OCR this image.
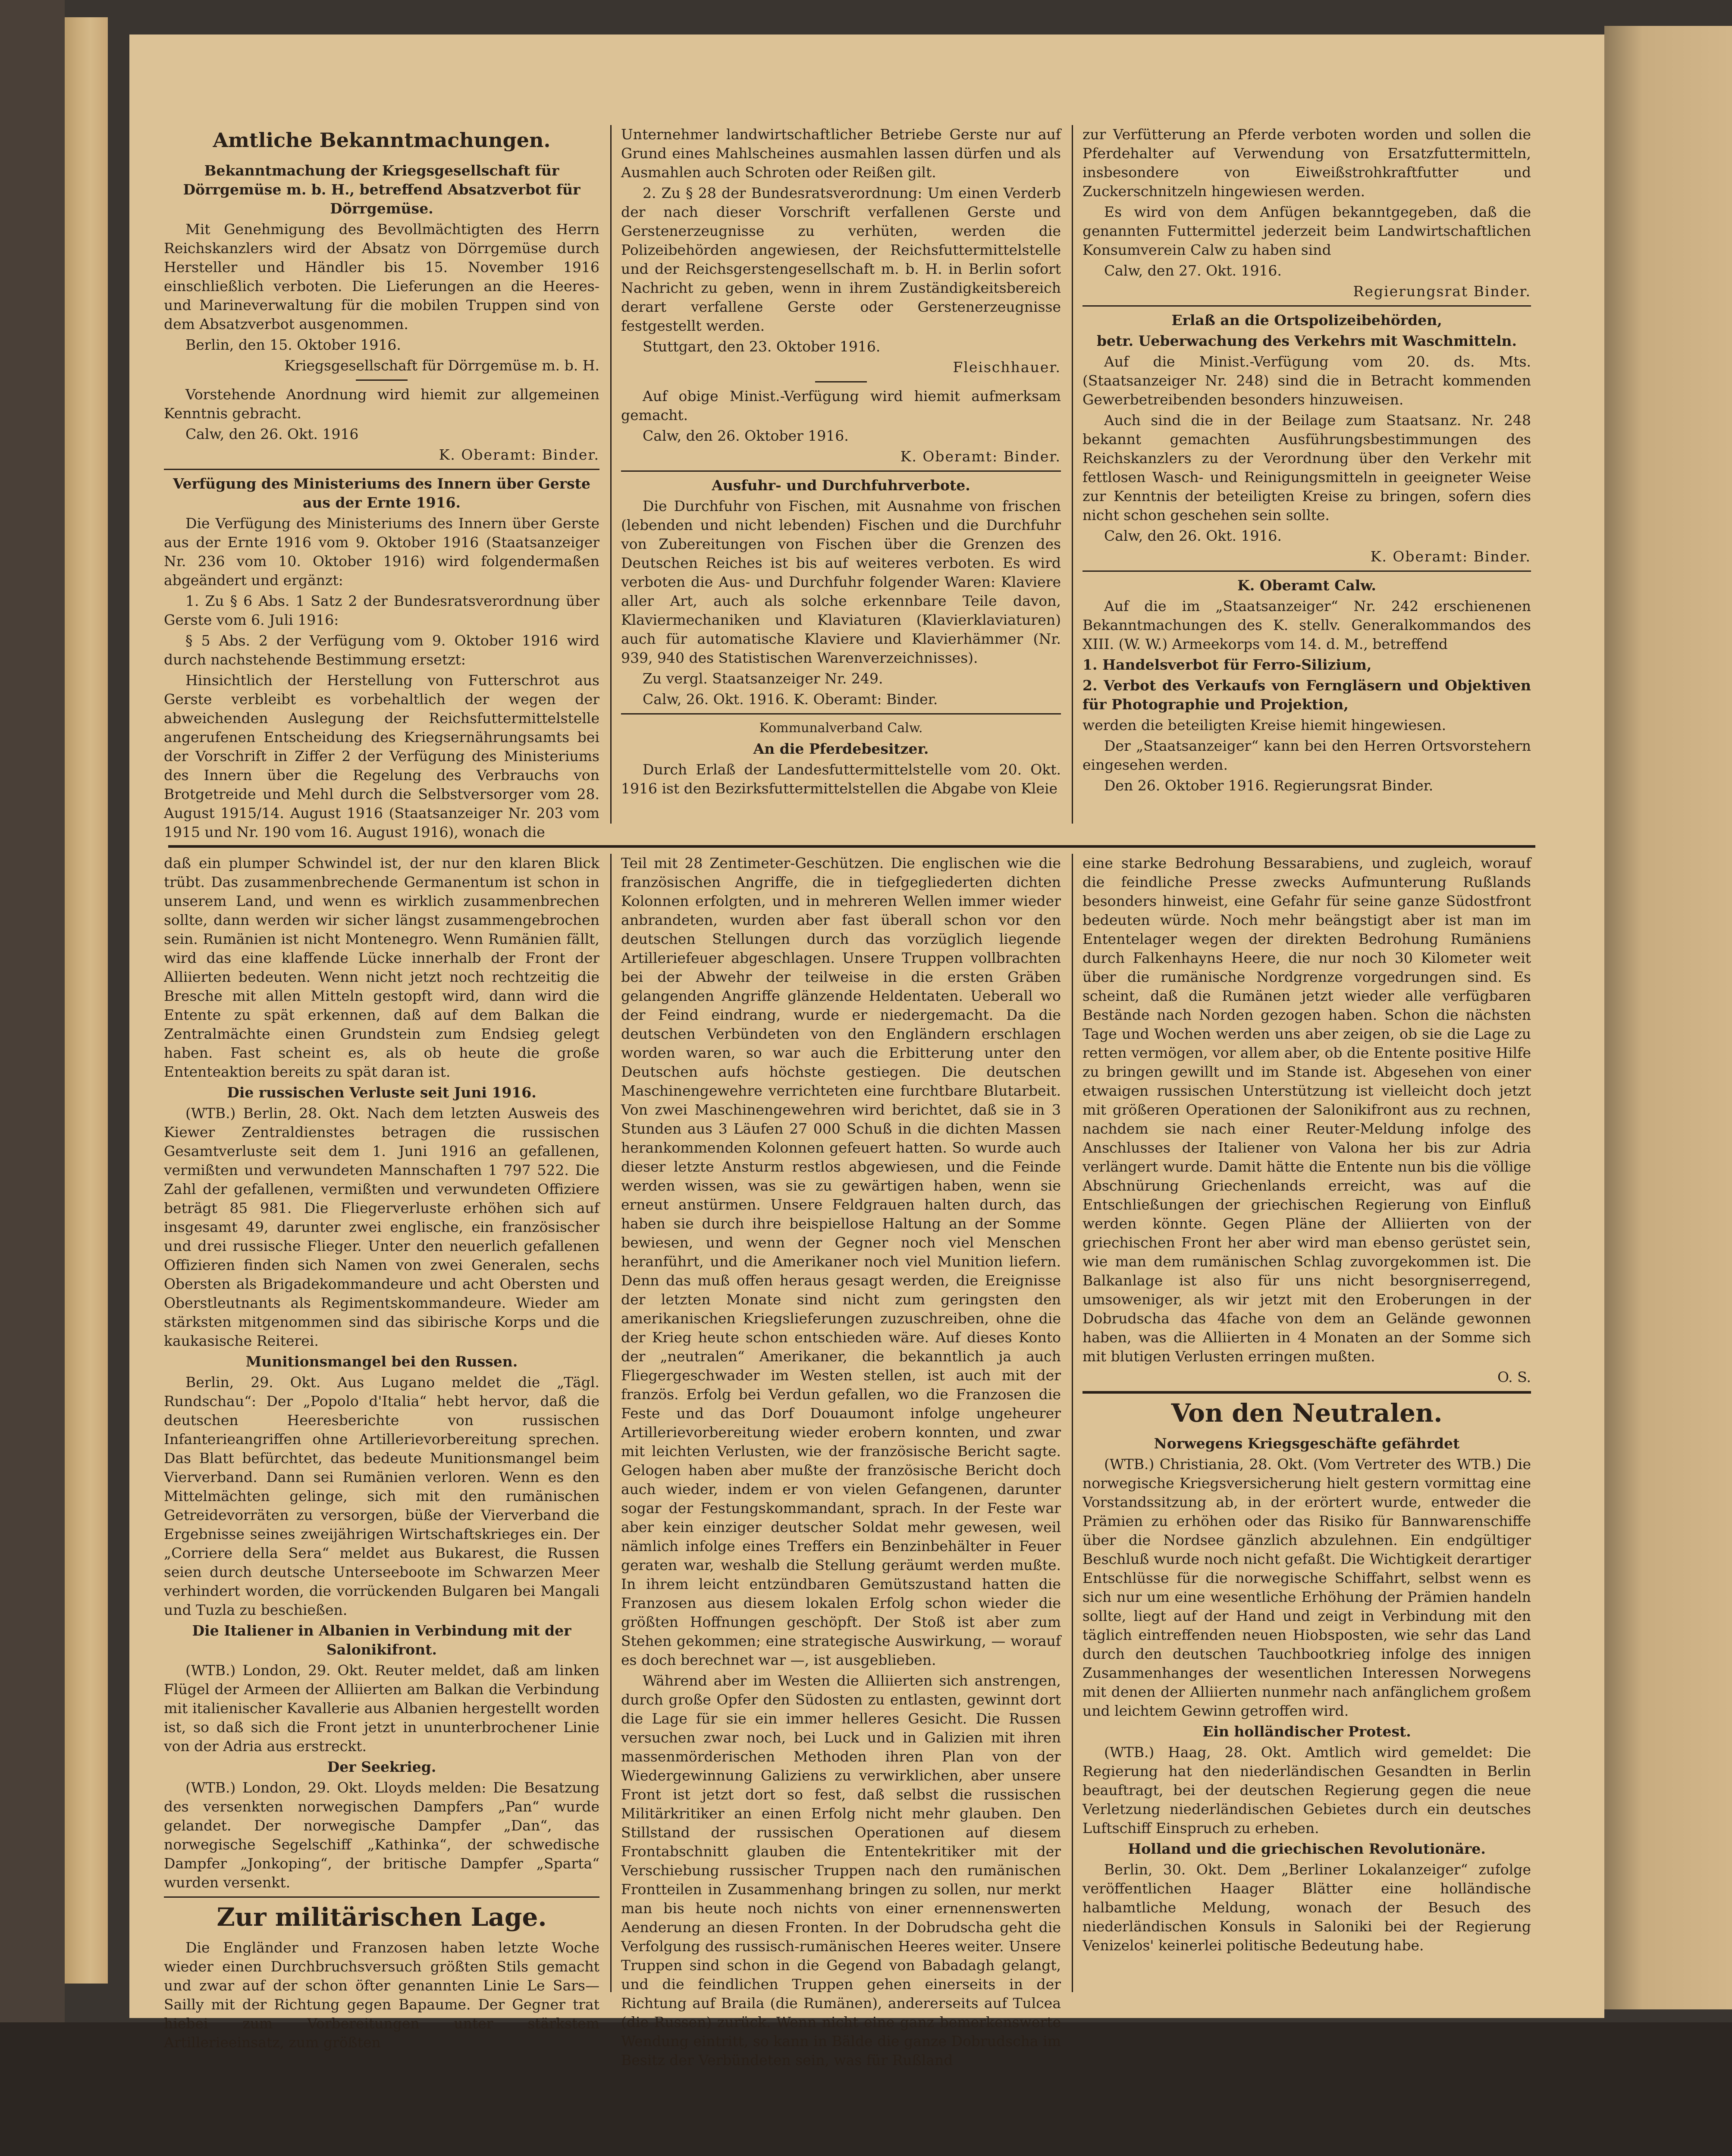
Amtliche Bekanntmachungen.

Bekanntmachung der Kriegsgesellschaft für Dörrgemüse m. b. H., betreffend Absatzverbot für Dörrgemüse.

Mit Genehmigung des Bevollmächtigten des Herrn Reichskanzlers wird der Absatz von Dörrgemüse durch Hersteller und Händler bis 15. November 1916 einschließlich verboten. Die Lieferungen an die Heeres- und Marineverwaltung für die mobilen Truppen sind von dem Absatzverbot ausgenommen.

Berlin, den 15. Oktober 1916.

Kriegsgesellschaft für Dörrgemüse m. b. H.

Vorstehende Anordnung wird hiemit zur allgemeinen Kenntnis gebracht.

Calw, den 26. Okt. 1916

K. Oberamt: Binder.

Verfügung des Ministeriums des Innern über Gerste aus der Ernte 1916.

Die Verfügung des Ministeriums des Innern über Gerste aus der Ernte 1916 vom 9. Oktober 1916 (Staatsanzeiger Nr. 236 vom 10. Oktober 1916) wird folgendermaßen abgeändert und ergänzt:

1. Zu § 6 Abs. 1 Satz 2 der Bundesratsverordnung über Gerste vom 6. Juli 1916:

§ 5 Abs. 2 der Verfügung vom 9. Oktober 1916 wird durch nachstehende Bestimmung ersetzt:

Hinsichtlich der Herstellung von Futterschrot aus Gerste verbleibt es vorbehaltlich der wegen der abweichenden Auslegung der Reichsfuttermittelstelle angerufenen Entscheidung des Kriegsernährungsamts bei der Vorschrift in Ziffer 2 der Verfügung des Ministeriums des Innern über die Regelung des Verbrauchs von Brotgetreide und Mehl durch die Selbstversorger vom 28. August 1915/14. August 1916 (Staatsanzeiger Nr. 203 vom 1915 und Nr. 190 vom 16. August 1916), wonach die

Unternehmer landwirtschaftlicher Betriebe Gerste nur auf Grund eines Mahlscheines ausmahlen lassen dürfen und als Ausmahlen auch Schroten oder Reißen gilt.

2. Zu § 28 der Bundesratsverordnung: Um einen Verderb der nach dieser Vorschrift verfallenen Gerste und Gerstenerzeugnisse zu verhüten, werden die Polizeibehörden angewiesen, der Reichsfuttermittelstelle und der Reichsgerstengesellschaft m. b. H. in Berlin sofort Nachricht zu geben, wenn in ihrem Zuständigkeitsbereich derart verfallene Gerste oder Gerstenerzeugnisse festgestellt werden.

Stuttgart, den 23. Oktober 1916.

Fleischhauer.

Auf obige Minist.-Verfügung wird hiemit aufmerksam gemacht.

Calw, den 26. Oktober 1916.

K. Oberamt: Binder.

Ausfuhr- und Durchfuhrverbote.

Die Durchfuhr von Fischen, mit Ausnahme von frischen (lebenden und nicht lebenden) Fischen und die Durchfuhr von Zubereitungen von Fischen über die Grenzen des Deutschen Reiches ist bis auf weiteres verboten. Es wird verboten die Aus- und Durchfuhr folgender Waren: Klaviere aller Art, auch als solche erkennbare Teile davon, Klaviermechaniken und Klaviaturen (Klavierklaviaturen) auch für automatische Klaviere und Klavierhämmer (Nr. 939, 940 des Statistischen Warenverzeichnisses).

Zu vergl. Staatsanzeiger Nr. 249.

Calw, 26. Okt. 1916. K. Oberamt: Binder.

Kommunalverband Calw.

An die Pferdebesitzer.

Durch Erlaß der Landesfuttermittelstelle vom 20. Okt. 1916 ist den Bezirksfuttermittelstellen die Abgabe von Kleie

zur Verfütterung an Pferde verboten worden und sollen die Pferdehalter auf Verwendung von Ersatzfuttermitteln, insbesondere von Eiweißstrohkraftfutter und Zuckerschnitzeln hingewiesen werden.

Es wird von dem Anfügen bekanntgegeben, daß die genannten Futtermittel jederzeit beim Landwirtschaftlichen Konsumverein Calw zu haben sind

Calw, den 27. Okt. 1916.

Regierungsrat Binder.

Erlaß an die Ortspolizeibehörden,

betr. Ueberwachung des Verkehrs mit Waschmitteln.

Auf die Minist.-Verfügung vom 20. ds. Mts. (Staatsanzeiger Nr. 248) sind die in Betracht kommenden Gewerbetreibenden besonders hinzuweisen.

Auch sind die in der Beilage zum Staatsanz. Nr. 248 bekannt gemachten Ausführungsbestimmungen des Reichskanzlers zu der Verordnung über den Verkehr mit fettlosen Wasch- und Reinigungsmitteln in geeigneter Weise zur Kenntnis der beteiligten Kreise zu bringen, sofern dies nicht schon geschehen sein sollte.

Calw, den 26. Okt. 1916.

K. Oberamt: Binder.

K. Oberamt Calw.

Auf die im „Staatsanzeiger“ Nr. 242 erschienenen Bekanntmachungen des K. stellv. Generalkommandos des XIII. (W. W.) Armeekorps vom 14. d. M., betreffend

1. Handelsverbot für Ferro-Silizium,

2. Verbot des Verkaufs von Ferngläsern und Objektiven für Photographie und Projektion,

werden die beteiligten Kreise hiemit hingewiesen.

Der „Staatsanzeiger“ kann bei den Herren Ortsvorstehern eingesehen werden.

Den 26. Oktober 1916. Regierungsrat Binder.

daß ein plumper Schwindel ist, der nur den klaren Blick trübt. Das zusammenbrechende Germanentum ist schon in unserem Land, und wenn es wirklich zusammenbrechen sollte, dann werden wir sicher längst zusammengebrochen sein. Rumänien ist nicht Montenegro. Wenn Rumänien fällt, wird das eine klaffende Lücke innerhalb der Front der Alliierten bedeuten. Wenn nicht jetzt noch rechtzeitig die Bresche mit allen Mitteln gestopft wird, dann wird die Entente zu spät erkennen, daß auf dem Balkan die Zentralmächte einen Grundstein zum Endsieg gelegt haben. Fast scheint es, als ob heute die große Ententeaktion bereits zu spät daran ist.

Die russischen Verluste seit Juni 1916.

(WTB.) Berlin, 28. Okt. Nach dem letzten Ausweis des Kiewer Zentraldienstes betragen die russischen Gesamtverluste seit dem 1. Juni 1916 an gefallenen, vermißten und verwundeten Mannschaften 1 797 522. Die Zahl der gefallenen, vermißten und verwundeten Offiziere beträgt 85 981. Die Fliegerverluste erhöhen sich auf insgesamt 49, darunter zwei englische, ein französischer und drei russische Flieger. Unter den neuerlich gefallenen Offizieren finden sich Namen von zwei Generalen, sechs Obersten als Brigadekommandeure und acht Obersten und Oberstleutnants als Regimentskommandeure. Wieder am stärksten mitgenommen sind das sibirische Korps und die kaukasische Reiterei.

Munitionsmangel bei den Russen.

Berlin, 29. Okt. Aus Lugano meldet die „Tägl. Rundschau“: Der „Popolo d'Italia“ hebt hervor, daß die deutschen Heeresberichte von russischen Infanterieangriffen ohne Artillerievorbereitung sprechen. Das Blatt befürchtet, das bedeute Munitionsmangel beim Vierverband. Dann sei Rumänien verloren. Wenn es den Mittelmächten gelinge, sich mit den rumänischen Getreidevorräten zu versorgen, büße der Vierverband die Ergebnisse seines zweijährigen Wirtschaftskrieges ein. Der „Corriere della Sera“ meldet aus Bukarest, die Russen seien durch deutsche Unterseeboote im Schwarzen Meer verhindert worden, die vorrückenden Bulgaren bei Mangali und Tuzla zu beschießen.

Die Italiener in Albanien in Verbindung mit der Salonikifront.

(WTB.) London, 29. Okt. Reuter meldet, daß am linken Flügel der Armeen der Alliierten am Balkan die Verbindung mit italienischer Kavallerie aus Albanien hergestellt worden ist, so daß sich die Front jetzt in ununterbrochener Linie von der Adria aus erstreckt.

Der Seekrieg.

(WTB.) London, 29. Okt. Lloyds melden: Die Besatzung des versenkten norwegischen Dampfers „Pan“ wurde gelandet. Der norwegische Dampfer „Dan“, das norwegische Segelschiff „Kathinka“, der schwedische Dampfer „Jonkoping“, der britische Dampfer „Sparta“ wurden versenkt.

Zur militärischen Lage.

Die Engländer und Franzosen haben letzte Woche wieder einen Durchbruchsversuch größten Stils gemacht und zwar auf der schon öfter genannten Linie Le Sars—Sailly mit der Richtung gegen Bapaume. Der Gegner trat hiebei zum Vorbereitungen unter stärkstem Artillerieeinsatz, zum größten

Teil mit 28 Zentimeter-Geschützen. Die englischen wie die französischen Angriffe, die in tiefgegliederten dichten Kolonnen erfolgten, und in mehreren Wellen immer wieder anbrandeten, wurden aber fast überall schon vor den deutschen Stellungen durch das vorzüglich liegende Artilleriefeuer abgeschlagen. Unsere Truppen vollbrachten bei der Abwehr der teilweise in die ersten Gräben gelangenden Angriffe glänzende Heldentaten. Ueberall wo der Feind eindrang, wurde er niedergemacht. Da die deutschen Verbündeten von den Engländern erschlagen worden waren, so war auch die Erbitterung unter den Deutschen aufs höchste gestiegen. Die deutschen Maschinengewehre verrichteten eine furchtbare Blutarbeit. Von zwei Maschinengewehren wird berichtet, daß sie in 3 Stunden aus 3 Läufen 27 000 Schuß in die dichten Massen herankommenden Kolonnen gefeuert hatten. So wurde auch dieser letzte Ansturm restlos abgewiesen, und die Feinde werden wissen, was sie zu gewärtigen haben, wenn sie erneut anstürmen. Unsere Feldgrauen halten durch, das haben sie durch ihre beispiellose Haltung an der Somme bewiesen, und wenn der Gegner noch viel Menschen heranführt, und die Amerikaner noch viel Munition liefern. Denn das muß offen heraus gesagt werden, die Ereignisse der letzten Monate sind nicht zum geringsten den amerikanischen Kriegslieferungen zuzuschreiben, ohne die der Krieg heute schon entschieden wäre. Auf dieses Konto der „neutralen“ Amerikaner, die bekanntlich ja auch Fliegergeschwader im Westen stellen, ist auch mit der französ. Erfolg bei Verdun gefallen, wo die Franzosen die Feste und das Dorf Douaumont infolge ungeheurer Artillerievorbereitung wieder erobern konnten, und zwar mit leichten Verlusten, wie der französische Bericht sagte. Gelogen haben aber mußte der französische Bericht doch auch wieder, indem er von vielen Gefangenen, darunter sogar der Festungskommandant, sprach. In der Feste war aber kein einziger deutscher Soldat mehr gewesen, weil nämlich infolge eines Treffers ein Benzinbehälter in Feuer geraten war, weshalb die Stellung geräumt werden mußte. In ihrem leicht entzündbaren Gemütszustand hatten die Franzosen aus diesem lokalen Erfolg schon wieder die größten Hoffnungen geschöpft. Der Stoß ist aber zum Stehen gekommen; eine strategische Auswirkung, — worauf es doch berechnet war —, ist ausgeblieben.

Während aber im Westen die Alliierten sich anstrengen, durch große Opfer den Südosten zu entlasten, gewinnt dort die Lage für sie ein immer helleres Gesicht. Die Russen versuchen zwar noch, bei Luck und in Galizien mit ihren massenmörderischen Methoden ihren Plan von der Wiedergewinnung Galiziens zu verwirklichen, aber unsere Front ist jetzt dort so fest, daß selbst die russischen Militärkritiker an einen Erfolg nicht mehr glauben. Den Stillstand der russischen Operationen auf diesem Frontabschnitt glauben die Ententekritiker mit der Verschiebung russischer Truppen nach den rumänischen Frontteilen in Zusammenhang bringen zu sollen, nur merkt man bis heute noch nichts von einer ernennenswerten Aenderung an diesen Fronten. In der Dobrudscha geht die Verfolgung des russisch-rumänischen Heeres weiter. Unsere Truppen sind schon in die Gegend von Babadagh gelangt, und die feindlichen Truppen gehen einerseits in der Richtung auf Braila (die Rumänen), andererseits auf Tulcea (die Russen) zurück. Wenn nicht eine ganz bemerkenswerte Wendung eintritt, so kann in Bälde die ganze Dobrudscha im Besitz der Verbündeten sein, was für Rußland

eine starke Bedrohung Bessarabiens, und zugleich, worauf die feindliche Presse zwecks Aufmunterung Rußlands besonders hinweist, eine Gefahr für seine ganze Südostfront bedeuten würde. Noch mehr beängstigt aber ist man im Ententelager wegen der direkten Bedrohung Rumäniens durch Falkenhayns Heere, die nur noch 30 Kilometer weit über die rumänische Nordgrenze vorgedrungen sind. Es scheint, daß die Rumänen jetzt wieder alle verfügbaren Bestände nach Norden gezogen haben. Schon die nächsten Tage und Wochen werden uns aber zeigen, ob sie die Lage zu retten vermögen, vor allem aber, ob die Entente positive Hilfe zu bringen gewillt und im Stande ist. Abgesehen von einer etwaigen russischen Unterstützung ist vielleicht doch jetzt mit größeren Operationen der Salonikifront aus zu rechnen, nachdem sie nach einer Reuter-Meldung infolge des Anschlusses der Italiener von Valona her bis zur Adria verlängert wurde. Damit hätte die Entente nun bis die völlige Abschnürung Griechenlands erreicht, was auf die Entschließungen der griechischen Regierung von Einfluß werden könnte. Gegen Pläne der Alliierten von der griechischen Front her aber wird man ebenso gerüstet sein, wie man dem rumänischen Schlag zuvorgekommen ist. Die Balkanlage ist also für uns nicht besorgniserregend, umsoweniger, als wir jetzt mit den Eroberungen in der Dobrudscha das 4fache von dem an Gelände gewonnen haben, was die Alliierten in 4 Monaten an der Somme sich mit blutigen Verlusten erringen mußten.

O. S.

Von den Neutralen.

Norwegens Kriegsgeschäfte gefährdet

(WTB.) Christiania, 28. Okt. (Vom Vertreter des WTB.) Die norwegische Kriegsversicherung hielt gestern vormittag eine Vorstandssitzung ab, in der erörtert wurde, entweder die Prämien zu erhöhen oder das Risiko für Bannwarenschiffe über die Nordsee gänzlich abzulehnen. Ein endgültiger Beschluß wurde noch nicht gefaßt. Die Wichtigkeit derartiger Entschlüsse für die norwegische Schiffahrt, selbst wenn es sich nur um eine wesentliche Erhöhung der Prämien handeln sollte, liegt auf der Hand und zeigt in Verbindung mit den täglich eintreffenden neuen Hiobsposten, wie sehr das Land durch den deutschen Tauchbootkrieg infolge des innigen Zusammenhanges der wesentlichen Interessen Norwegens mit denen der Alliierten nunmehr nach anfänglichem großem und leichtem Gewinn getroffen wird.

Ein holländischer Protest.

(WTB.) Haag, 28. Okt. Amtlich wird gemeldet: Die Regierung hat den niederländischen Gesandten in Berlin beauftragt, bei der deutschen Regierung gegen die neue Verletzung niederländischen Gebietes durch ein deutsches Luftschiff Einspruch zu erheben.

Holland und die griechischen Revolutionäre.

Berlin, 30. Okt. Dem „Berliner Lokalanzeiger“ zufolge veröffentlichen Haager Blätter eine holländische halbamtliche Meldung, wonach der Besuch des niederländischen Konsuls in Saloniki bei der Regierung Venizelos' keinerlei politische Bedeutung habe.
